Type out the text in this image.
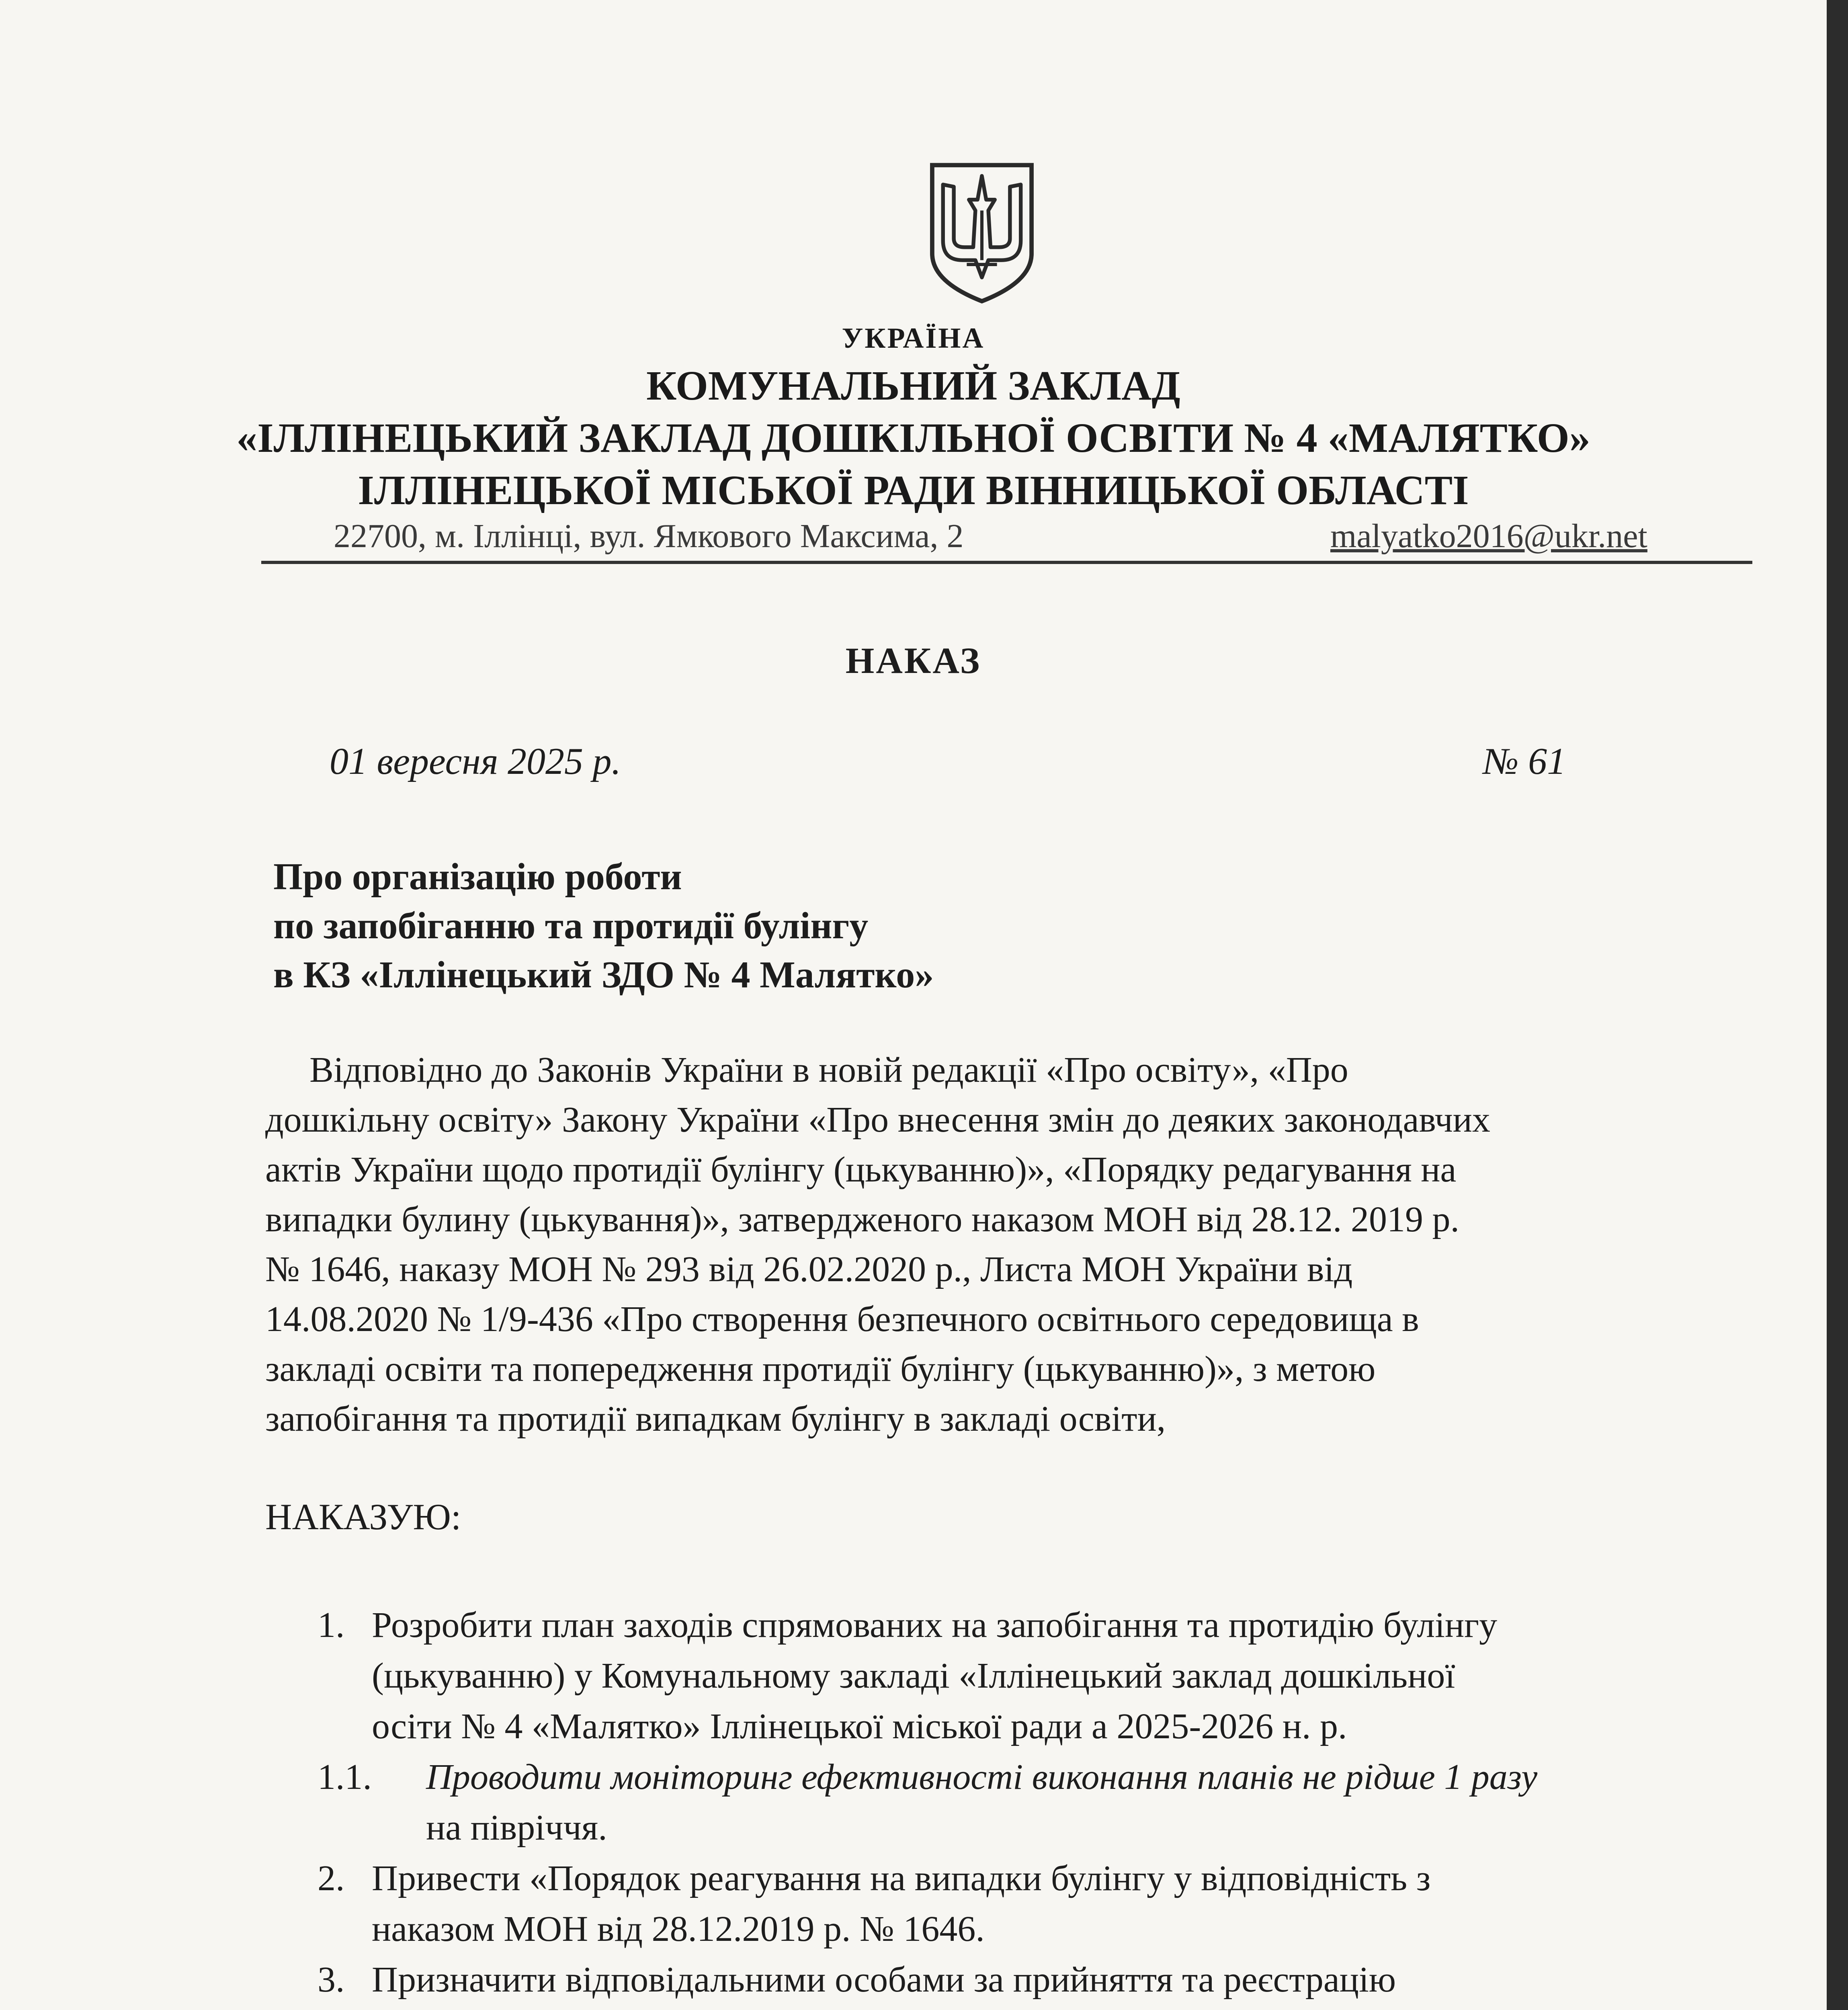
УКРАЇНА

КОМУНАЛЬНИЙ ЗАКЛАД

«ІЛЛІНЕЦЬКИЙ ЗАКЛАД ДОШКІЛЬНОЇ ОСВІТИ № 4 «МАЛЯТКО»

ІЛЛІНЕЦЬКОЇ МІСЬКОЇ РАДИ ВІННИЦЬКОЇ ОБЛАСТІ

22700, м. Іллінці, вул. Ямкового Максима, 2	malyatko2016@ukr.net

НАКАЗ

01 вересня 2025 р.	№ 61
Про організацію роботи
по запобіганню та протидії булінгу
в КЗ «Іллінецький ЗДО № 4 Малятко»
Відповідно до Законів України в новій редакції «Про освіту», «Про
дошкільну освіту» Закону України «Про внесення змін до деяких законодавчих
актів України щодо протидії булінгу (цькуванню)», «Порядку редагування на
випадки булину (цькування)», затвердженого наказом МОН від 28.12. 2019 р.
№ 1646, наказу МОН № 293 від 26.02.2020 р., Листа МОН України від
14.08.2020 № 1/9-436 «Про створення безпечного освітнього середовища в
закладі освіти та попередження протидії булінгу (цькуванню)», з метою
запобігання та протидії випадкам булінгу в закладі освіти,

НАКАЗУЮ:

1. Розробити план заходів спрямованих на запобігання та протидію булінгу
(цькуванню) у Комунальному закладі «Іллінецький заклад дошкільної
осіти № 4 «Малятко» Іллінецької міської ради а 2025-2026 н. р.
1.1. Проводити моніторинг ефективності виконання планів не рідше 1 разу
на півріччя.
2. Привести «Порядок реагування на випадки булінгу у відповідність з
наказом МОН від 28.12.2019 р. № 1646.
3. Призначити відповідальними особами за прийняття та реєстрацію
